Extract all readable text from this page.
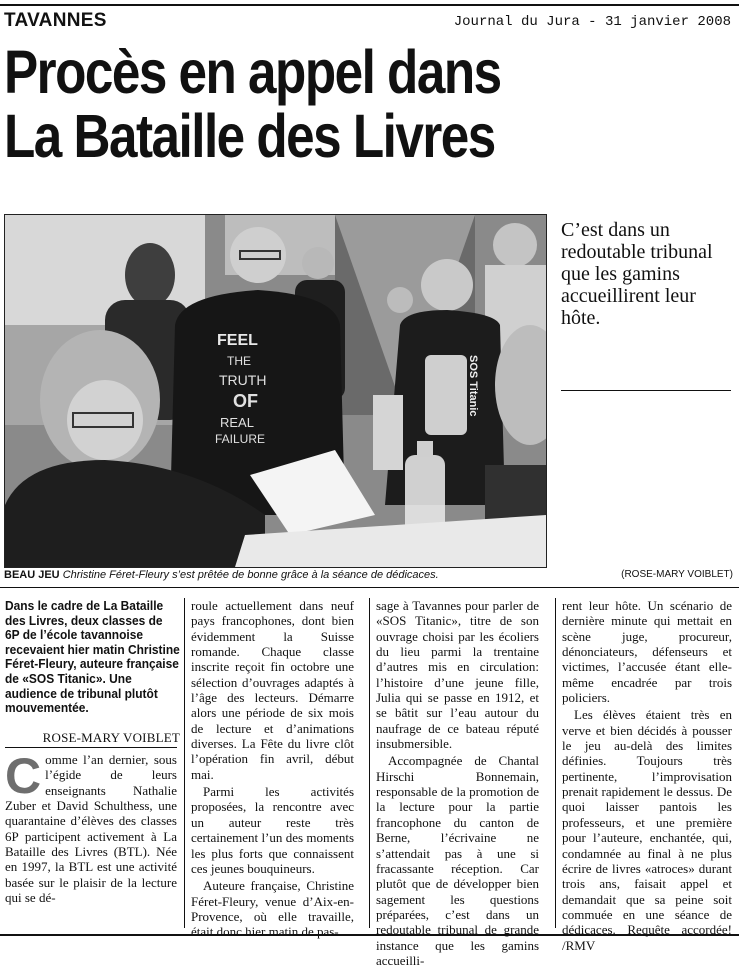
TAVANNES	Journal du Jura - 31 janvier 2008
Procès en appel dans
La Bataille des Livres
FEEL
THE
TRUTH
OF
REAL
FAILURE
SOS Titanic
C’est dans un redoutable tribunal que les gamins accueillirent leur hôte.
BEAU JEU Christine Féret-Fleury s’est prêtée de bonne grâce à la séance de dédicaces.	(ROSE-MARY VOIBLET)
Dans le cadre de La Bataille des Livres, deux classes de 6P de l’école tavannoise recevaient hier matin Christine Féret-Fleury, auteure française de «SOS Titanic». Une audience de tribunal plutôt mouvementée.
ROSE-MARY VOIBLET
C omme l’an dernier, sous l’égide de leurs enseignants Nathalie Zuber et David Schulthess, une quarantaine d’élèves des classes 6P participent activement à La Bataille des Livres (BTL). Née en 1997, la BTL est une activité basée sur le plaisir de la lecture qui se dé-

roule actuellement dans neuf pays francophones, dont bien évidemment la Suisse romande. Chaque classe inscrite reçoit fin octobre une sélection d’ouvrages adaptés à l’âge des lecteurs. Démarre alors une période de six mois de lecture et d’animations diverses. La Fête du livre clôt l’opération fin avril, début mai.

Parmi les activités proposées, la rencontre avec un auteur reste très certainement l’un des moments les plus forts que connaissent ces jeunes bouquineurs.

Auteure française, Christine Féret-Fleury, venue d’Aix-en-Provence, où elle travaille, était donc hier matin de pas-

sage à Tavannes pour parler de «SOS Titanic», titre de son ouvrage choisi par les écoliers du lieu parmi la trentaine d’autres mis en circulation: l’histoire d’une jeune fille, Julia qui se passe en 1912, et se bâtit sur l’eau autour du naufrage de ce bateau réputé insubmersible.

Accompagnée de Chantal Hirschi Bonnemain, responsable de la promotion de la lecture pour la partie francophone du canton de Berne, l’écrivaine ne s’attendait pas à une si fracassante réception. Car plutôt que de développer bien sagement les questions préparées, c’est dans un redoutable tribunal de grande instance que les gamins accueilli-

rent leur hôte. Un scénario de dernière minute qui mettait en scène juge, procureur, dénonciateurs, défenseurs et victimes, l’accusée étant elle-même encadrée par trois policiers.

Les élèves étaient très en verve et bien décidés à pousser le jeu au-delà des limites définies. Toujours très pertinente, l’improvisation prenait rapidement le dessus. De quoi laisser pantois les professeurs, et une première pour l’auteure, enchantée, qui, condamnée au final à ne plus écrire de livres «atroces» durant trois ans, faisait appel et demandait que sa peine soit commuée en une séance de dédicaces. Requête accordée! /RMV
